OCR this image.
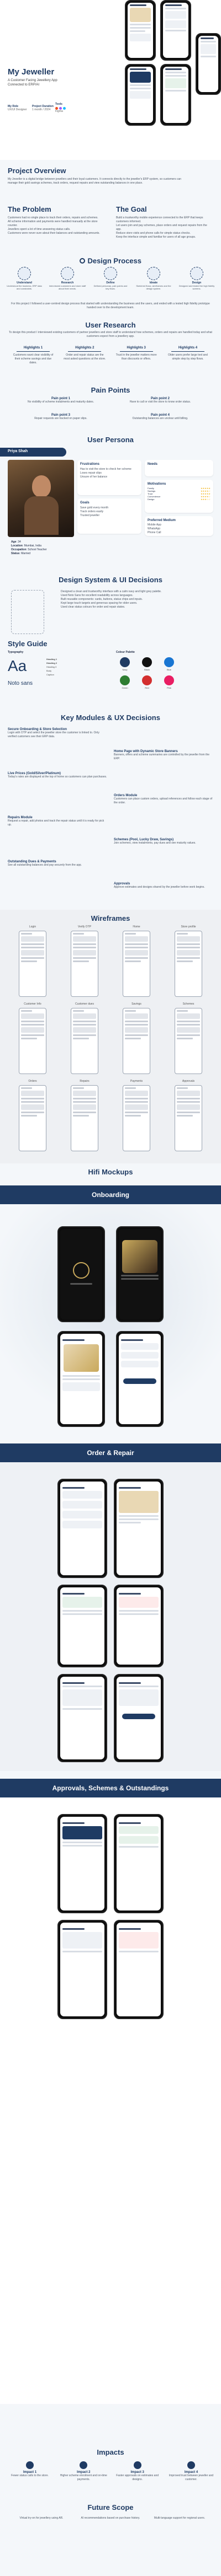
My Jeweller
A Customer Facing Jewellery App Connected to ERP/AI
My Role
UX/UI Designer
Project Duration
1 month / 2024
Tools
Figma
Project Overview
My Jeweller is a digital bridge between jewellers and their loyal customers. It connects directly to the jeweller's ERP system, so customers can manage their gold savings schemes, track orders, request repairs and view outstanding balances in one place.
The Problem
Customers had no single place to track their orders, repairs and schemes.
All scheme information and payments were handled manually at the store counter.
Jewellers spent a lot of time answering status calls.
Customers were never sure about their balances and outstanding amounts.
The Goal
Build a trustworthy mobile experience connected to the ERP that keeps customers informed.
Let users join and pay schemes, place orders and request repairs from the app.
Reduce store visits and phone calls for simple status checks.
Keep the interface simple and familiar for users of all age groups.
Design Process
Understand
Understood the business, ERP data and constraints.
Research
Interviewed customers and store staff about their needs.
Define
Defined personas, pain points and key flows.
Ideate
Sketched flows, wireframes and the design system.
Design
Designed and tested the high fidelity screens.
For this project I followed a user-centred design process that started with understanding the business and the users, and ended with a tested high fidelity prototype handed over to the development team.
User Research
To design this product I interviewed existing customers of partner jewellers and store staff to understand how schemes, orders and repairs are handled today and what customers expect from a jewellery app.
Highlights 1
Customers want clear visibility of their scheme savings and due dates.
Highlights 2
Order and repair status are the most asked questions at the store.
Highlights 3
Trust in the jeweller matters more than discounts or offers.
Highlights 4
Older users prefer large text and simple step by step flows.
Pain Points
Pain point 1
No visibility of scheme instalments and maturity dates.
Pain point 2
Have to call or visit the store to know order status.
Pain point 3
Repair requests are tracked on paper slips.
Pain point 4
Outstanding balances are unclear until billing.
User Persona
Priya Shah
Age: 34
Location: Mumbai, India
Occupation: School Teacher
Status: Married
Frustrations
Has to visit the store to check her scheme
Loses repair slips
Unsure of her balance
Goals
Save gold every month
Track orders easily
Trusted jeweller
Needs
Motivations
Family	★★★★★
Savings	★★★★☆
Trust	★★★★★
Convenience	★★★★☆
Design	★★★☆☆
Preferred Medium
Mobile App
WhatsApp
Phone Call
Design System & UI Decisions
Designed a clean and trustworthy interface with a calm navy and light grey palette.
Used Noto Sans for excellent readability across languages.
Built reusable components: cards, buttons, status chips and inputs.
Kept large touch targets and generous spacing for older users.
Used clear status colours for order and repair states.
Style Guide
Typography
Aa
Noto sans
Heading 1
Heading 2
Heading 3
Body
Caption
Colour Palette
Navy	Black	Blue
Green	Red	Pink
Key Modules & UX Decisions
Secure Onboarding & Store Selection
Login with OTP and select the jeweller store the customer is linked to. Only verified customers see their ERP data.
Home Page with Dynamic Store Banners
Banners, offers and scheme summaries are controlled by the jeweller from the ERP.
Live Prices (Gold/Silver/Platinum)
Today's rates are displayed at the top of home so customers can plan purchases.
Orders Module
Customers can place custom orders, upload references and follow each stage of the order.
Repairs Module
Request a repair, add photos and track the repair status until it is ready for pick up.
Schemes (Pool, Lucky Draw, Savings)
Join schemes, view instalments, pay dues and see maturity values.
Outstanding Dues & Payments
See all outstanding balances and pay securely from the app.
Approvals
Approve estimates and designs shared by the jeweller before work begins.
Wireframes
Login	Verify OTP	Home	Store profile
Customer Info	Customer dues	Savings	Schemes
Orders	Repairs	Payments	Approvals
Hifi Mockups
Onboarding
Order & Repair
Approvals, Schemes & Outstandings
Impacts
Impact 1
Fewer status calls to the store.
Impact 2
Higher scheme enrolment and on-time payments.
Impact 3
Faster approvals on estimates and designs.
Impact 4
Improved trust between jeweller and customer.
Future Scope
Virtual try-on for jewellery using AR.	AI recommendations based on purchase history.	Multi-language support for regional users.
